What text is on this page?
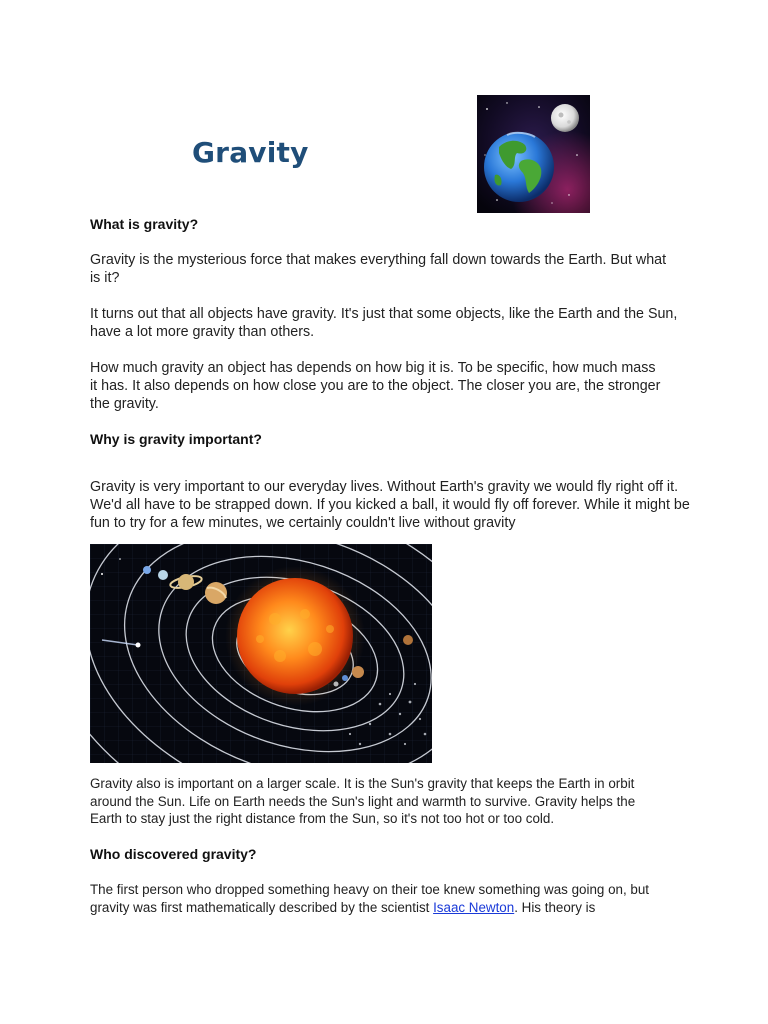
Gravity
What is gravity?
Gravity is the mysterious force that makes everything fall down towards the Earth. But what is it?
It turns out that all objects have gravity. It's just that some objects, like the Earth and the Sun, have a lot more gravity than others.
How much gravity an object has depends on how big it is. To be specific, how much mass it has. It also depends on how close you are to the object. The closer you are, the stronger the gravity.
Why is gravity important?
Gravity is very important to our everyday lives. Without Earth's gravity we would fly right off it. We'd all have to be strapped down. If you kicked a ball, it would fly off forever. While it might be fun to try for a few minutes, we certainly couldn't live without gravity
Gravity also is important on a larger scale. It is the Sun's gravity that keeps the Earth in orbit around the Sun. Life on Earth needs the Sun's light and warmth to survive. Gravity helps the Earth to stay just the right distance from the Sun, so it's not too hot or too cold.
Who discovered gravity?
The first person who dropped something heavy on their toe knew something was going on, but gravity was first mathematically described by the scientist Isaac Newton. His theory is
